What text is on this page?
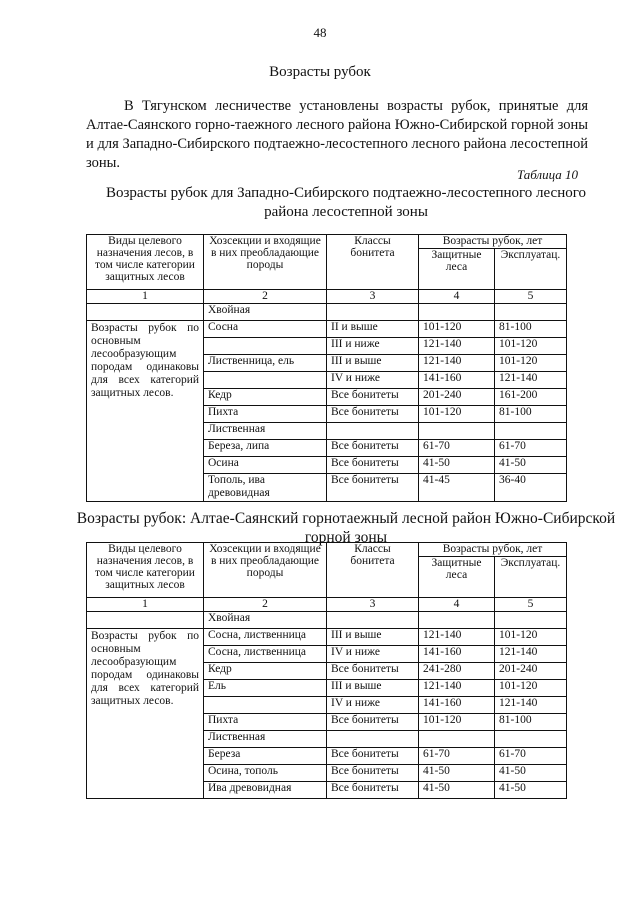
48
Возрасты рубок

В Тягунском лесничестве установлены возрасты рубок, принятые для Алтае-Саянского горно-таежного лесного района Южно-Сибирской горной зоны и для Западно-Сибирского подтаежно-лесостепного лесного района лесостепной зоны.

Таблица 10

Возрасты рубок для Западно-Сибирского подтаежно-лесостепного лесного района лесостепной зоны

Виды целевого назначения лесов, в том числе категории защитных лесов	Хозсекции и входящие в них преобладающие породы	Классы бонитета	Возрасты рубок, лет	
			Защитные леса	Эксплуатац.
1	2	3	4	5
	Хвойная			
Возрасты рубок по основным лесообразующим породам одинаковы для всех категорий защитных лесов.	Сосна	II и выше	101-120	81-100
		III и ниже	121-140	101-120
	Лиственница, ель	III и выше	121-140	101-120
		IV и ниже	141-160	121-140
	Кедр	Все бонитеты	201-240	161-200
	Пихта	Все бонитеты	101-120	81-100
	Лиственная			
	Береза, липа	Все бонитеты	61-70	61-70
	Осина	Все бонитеты	41-50	41-50
	Тополь, ива древовидная	Все бонитеты	41-45	36-40

Возрасты рубок: Алтае-Саянский горнотаежный лесной район Южно-Сибирской горной зоны

Виды целевого назначения лесов, в том числе категории защитных лесов	Хозсекции и входящие в них преобладающие породы	Классы бонитета	Возрасты рубок, лет	
			Защитные леса	Эксплуатац.
1	2	3	4	5
	Хвойная			
Возрасты рубок по основным лесообразующим породам одинаковы для всех категорий защитных лесов.	Сосна, лиственница	III и выше	121-140	101-120
	Сосна, лиственница	IV и ниже	141-160	121-140
	Кедр	Все бонитеты	241-280	201-240
	Ель	III и выше	121-140	101-120
		IV и ниже	141-160	121-140
	Пихта	Все бонитеты	101-120	81-100
	Лиственная			
	Береза	Все бонитеты	61-70	61-70
	Осина, тополь	Все бонитеты	41-50	41-50
	Ива древовидная	Все бонитеты	41-50	41-50
